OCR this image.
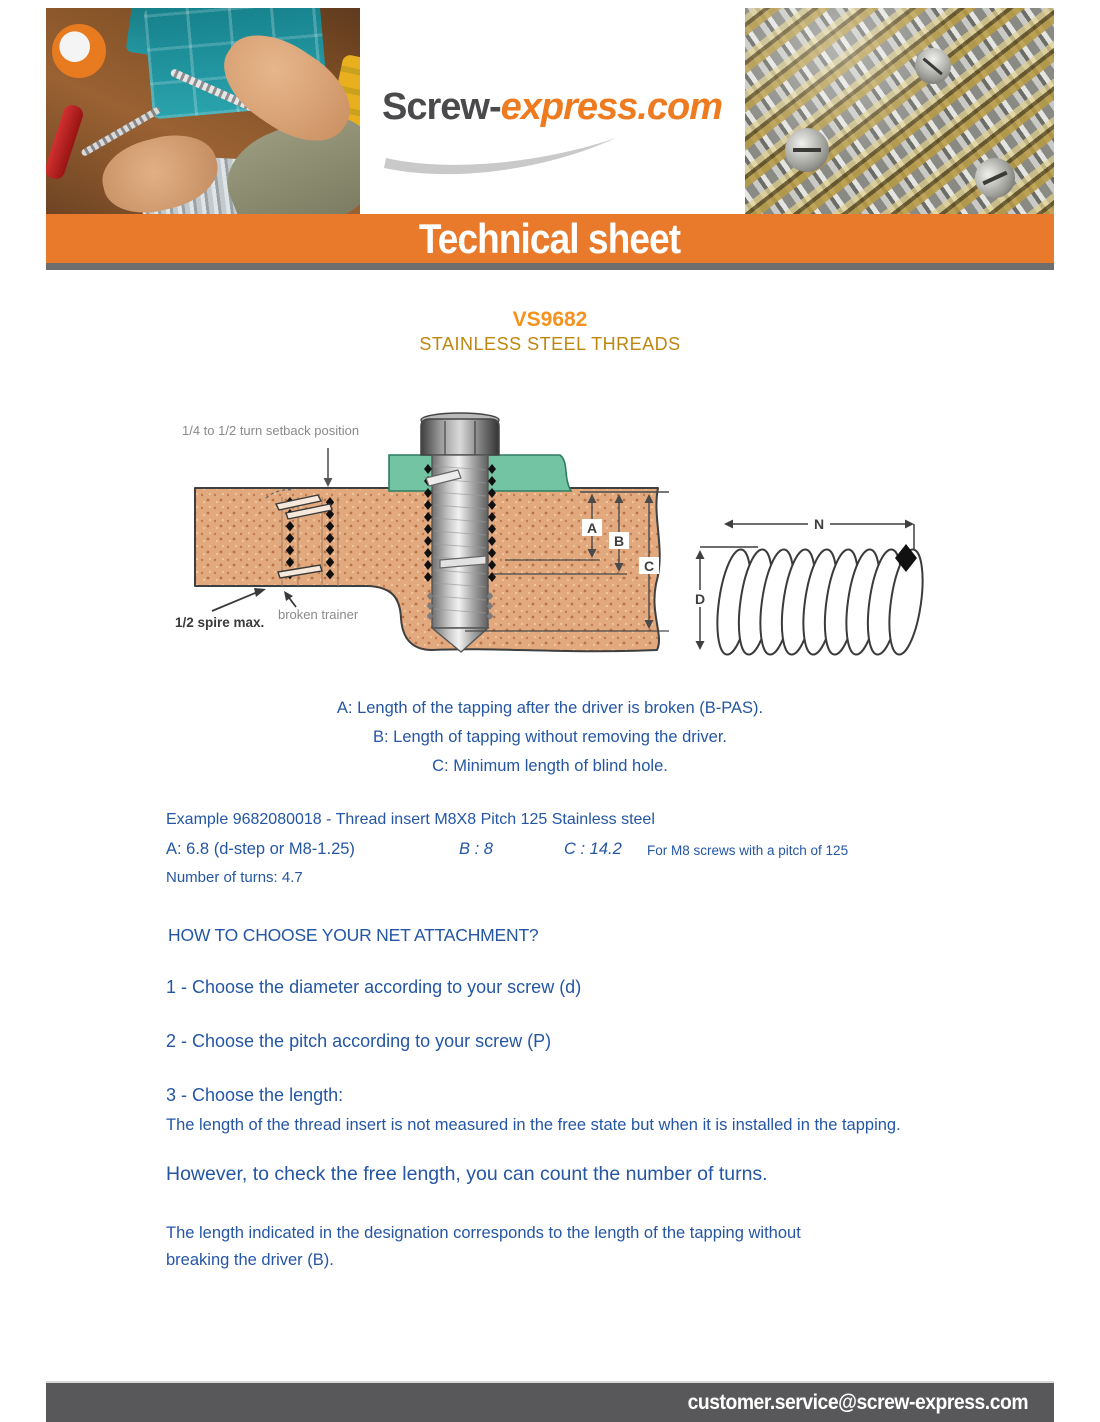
Screw-express.com
Technical sheet
VS9682
STAINLESS STEEL THREADS
A
B
C
1/4 to 1/2 turn setback position
1/2 spire max.
broken trainer
N
D
A: Length of the tapping after the driver is broken (B-PAS).
B: Length of tapping without removing the driver.
C: Minimum length of blind hole.
Example 9682080018 - Thread insert M8X8 Pitch 125 Stainless steel
A: 6.8 (d-step or M8-1.25)	B : 8	C : 14.2 For M8 screws with a pitch of 125
Number of turns: 4.7
HOW TO CHOOSE YOUR NET ATTACHMENT?
1 - Choose the diameter according to your screw (d)
2 - Choose the pitch according to your screw (P)
3 - Choose the length:
The length of the thread insert is not measured in the free state but when it is installed in the tapping.
However, to check the free length, you can count the number of turns.
The length indicated in the designation corresponds to the length of the tapping without breaking the driver (B).
customer.service@screw-express.com
